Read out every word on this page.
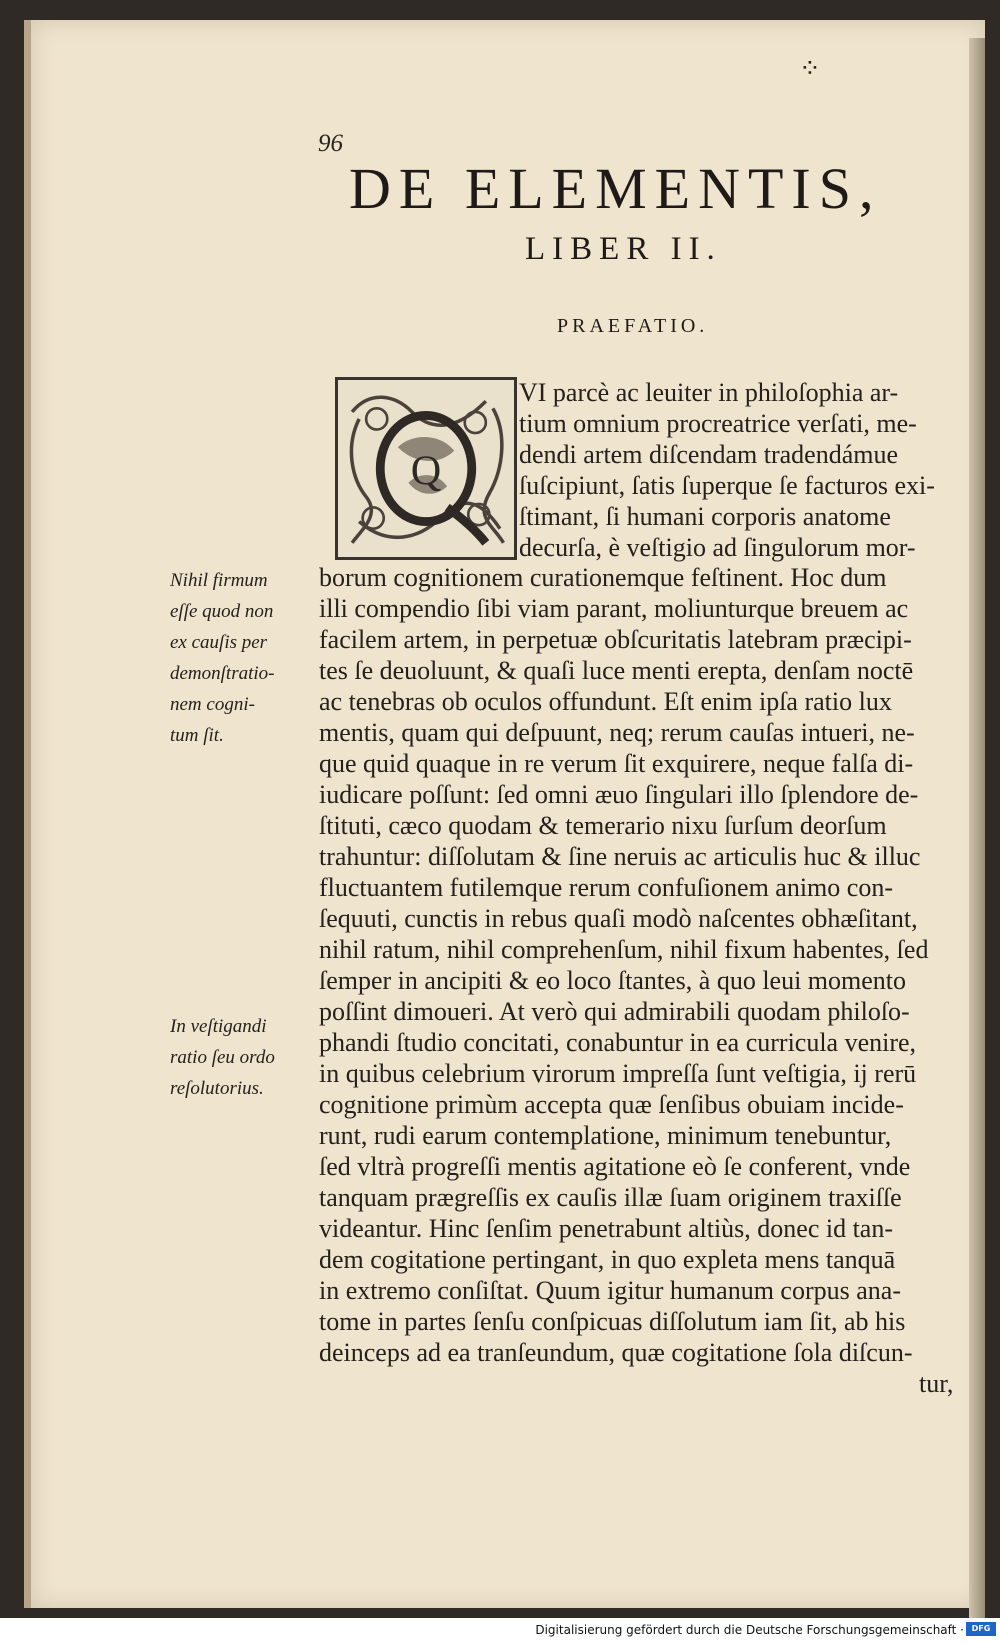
⁘
96
DE ELEMENTIS,
LIBER II.
PRAEFATIO.
Q
VI parcè ac leuiter in philoſophia ar-
tium omnium procreatrice verſati, me-
dendi artem diſcendam tradendámue
ſuſcipiunt, ſatis ſuperque ſe facturos exi-
ſtimant, ſi humani corporis anatome
decurſa, è veſtigio ad ſingulorum mor-
borum cognitionem curationemque feſtinent. Hoc dum
illi compendio ſibi viam parant, moliunturque breuem ac
facilem artem, in perpetuæ obſcuritatis latebram præcipi-
tes ſe deuoluunt, & quaſi luce menti erepta, denſam noctē
ac tenebras ob oculos offundunt. Eſt enim ipſa ratio lux
mentis, quam qui deſpuunt, neq; rerum cauſas intueri, ne-
que quid quaque in re verum ſit exquirere, neque falſa di-
iudicare poſſunt: ſed omni æuo ſingulari illo ſplendore de-
ſtituti, cæco quodam & temerario nixu ſurſum deorſum
trahuntur: diſſolutam & ſine neruis ac articulis huc & illuc
fluctuantem futilemque rerum confuſionem animo con-
ſequuti, cunctis in rebus quaſi modò naſcentes obhæſitant,
nihil ratum, nihil comprehenſum, nihil fixum habentes, ſed
ſemper in ancipiti & eo loco ſtantes, à quo leui momento
poſſint dimoueri. At verò qui admirabili quodam philoſo-
phandi ſtudio concitati, conabuntur in ea curricula venire,
in quibus celebrium virorum impreſſa ſunt veſtigia, ij rerū
cognitione primùm accepta quæ ſenſibus obuiam incide-
runt, rudi earum contemplatione, minimum tenebuntur,
ſed vltrà progreſſi mentis agitatione eò ſe conferent, vnde
tanquam prægreſſis ex cauſis illæ ſuam originem traxiſſe
videantur. Hinc ſenſim penetrabunt altiùs, donec id tan-
dem cogitatione pertingant, in quo expleta mens tanquā
in extremo conſiſtat. Quum igitur humanum corpus ana-
tome in partes ſenſu conſpicuas diſſolutum iam ſit, ab his
deinceps ad ea tranſeundum, quæ cogitatione ſola diſcun-
tur,
Nihil firmum
eſſe quod non
ex cauſis per
demonſtratio-
nem cogni-
tum ſit.
In veſtigandi
ratio ſeu ordo
reſolutorius.
Digitalisierung gefördert durch die Deutsche Forschungsgemeinschaft · DFG
